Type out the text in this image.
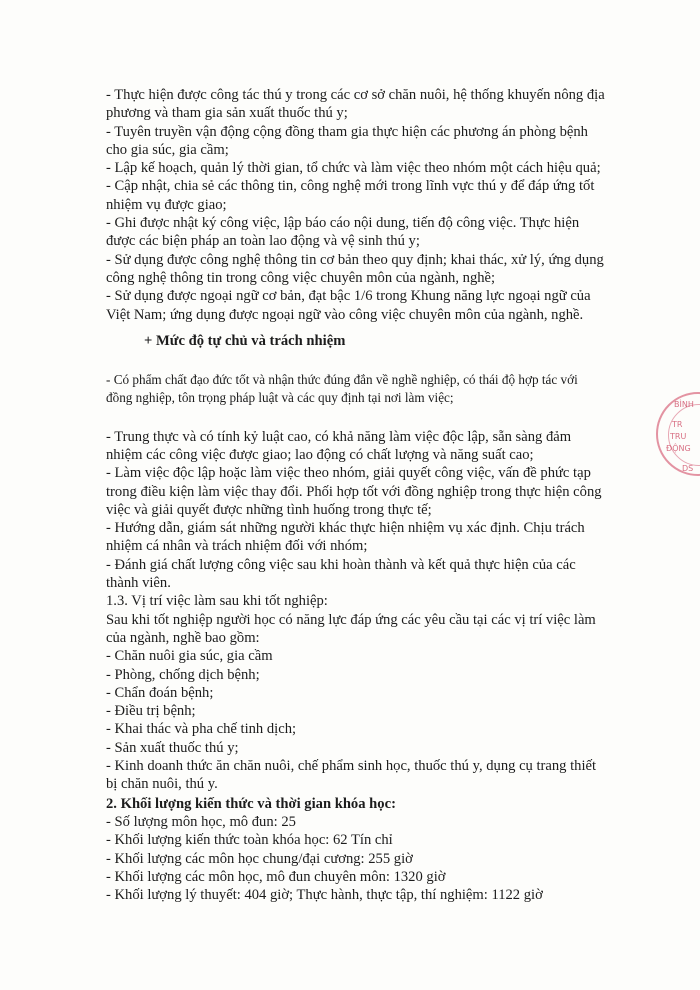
- Thực hiện được công tác thú y trong các cơ sở chăn nuôi, hệ thống khuyến nông địa phương và tham gia sản xuất thuốc thú y;

- Tuyên truyền vận động cộng đồng tham gia thực hiện các phương án phòng bệnh cho gia súc, gia cầm;

- Lập kế hoạch, quản lý thời gian, tổ chức và làm việc theo nhóm một cách hiệu quả;

- Cập nhật, chia sẻ các thông tin, công nghệ mới trong lĩnh vực thú y để đáp ứng tốt nhiệm vụ được giao;

- Ghi được nhật ký công việc, lập báo cáo nội dung, tiến độ công việc. Thực hiện được các biện pháp an toàn lao động và vệ sinh thú y;

- Sử dụng được công nghệ thông tin cơ bản theo quy định; khai thác, xử lý, ứng dụng công nghệ thông tin trong công việc chuyên môn của ngành, nghề;

- Sử dụng được ngoại ngữ cơ bản, đạt bậc 1/6 trong Khung năng lực ngoại ngữ của Việt Nam; ứng dụng được ngoại ngữ vào công việc chuyên môn của ngành, nghề.

+ Mức độ tự chủ và trách nhiệm

- Có phẩm chất đạo đức tốt và nhận thức đúng đắn về nghề nghiệp, có thái độ hợp tác với đồng nghiệp, tôn trọng pháp luật và các quy định tại nơi làm việc;

- Trung thực và có tính kỷ luật cao, có khả năng làm việc độc lập, sẵn sàng đảm nhiệm các công việc được giao; lao động có chất lượng và năng suất cao;

- Làm việc độc lập hoặc làm việc theo nhóm, giải quyết công việc, vấn đề phức tạp trong điều kiện làm việc thay đổi. Phối hợp tốt với đồng nghiệp trong thực hiện công việc và giải quyết được những tình huống trong thực tế;

- Hướng dẫn, giám sát những người khác thực hiện nhiệm vụ xác định. Chịu trách nhiệm cá nhân và trách nhiệm đối với nhóm;

- Đánh giá chất lượng công việc sau khi hoàn thành và kết quả thực hiện của các thành viên.

1.3. Vị trí việc làm sau khi tốt nghiệp:

Sau khi tốt nghiệp người học có năng lực đáp ứng các yêu cầu tại các vị trí việc làm của ngành, nghề bao gồm:

- Chăn nuôi gia súc, gia cầm

- Phòng, chống dịch bệnh;

- Chẩn đoán bệnh;

- Điều trị bệnh;

- Khai thác và pha chế tinh dịch;

- Sản xuất thuốc thú y;

- Kinh doanh thức ăn chăn nuôi, chế phẩm sinh học, thuốc thú y, dụng cụ trang thiết bị chăn nuôi, thú y.

2. Khối lượng kiến thức và thời gian khóa học:

- Số lượng môn học, mô đun: 25

- Khối lượng kiến thức toàn khóa học: 62 Tín chỉ

- Khối lượng các môn học chung/đại cương: 255 giờ

- Khối lượng các môn học, mô đun chuyên môn: 1320 giờ

- Khối lượng lý thuyết: 404 giờ; Thực hành, thực tập, thí nghiệm: 1122 giờ

BÌNH
TR
TRU
ĐỘNG
DS
